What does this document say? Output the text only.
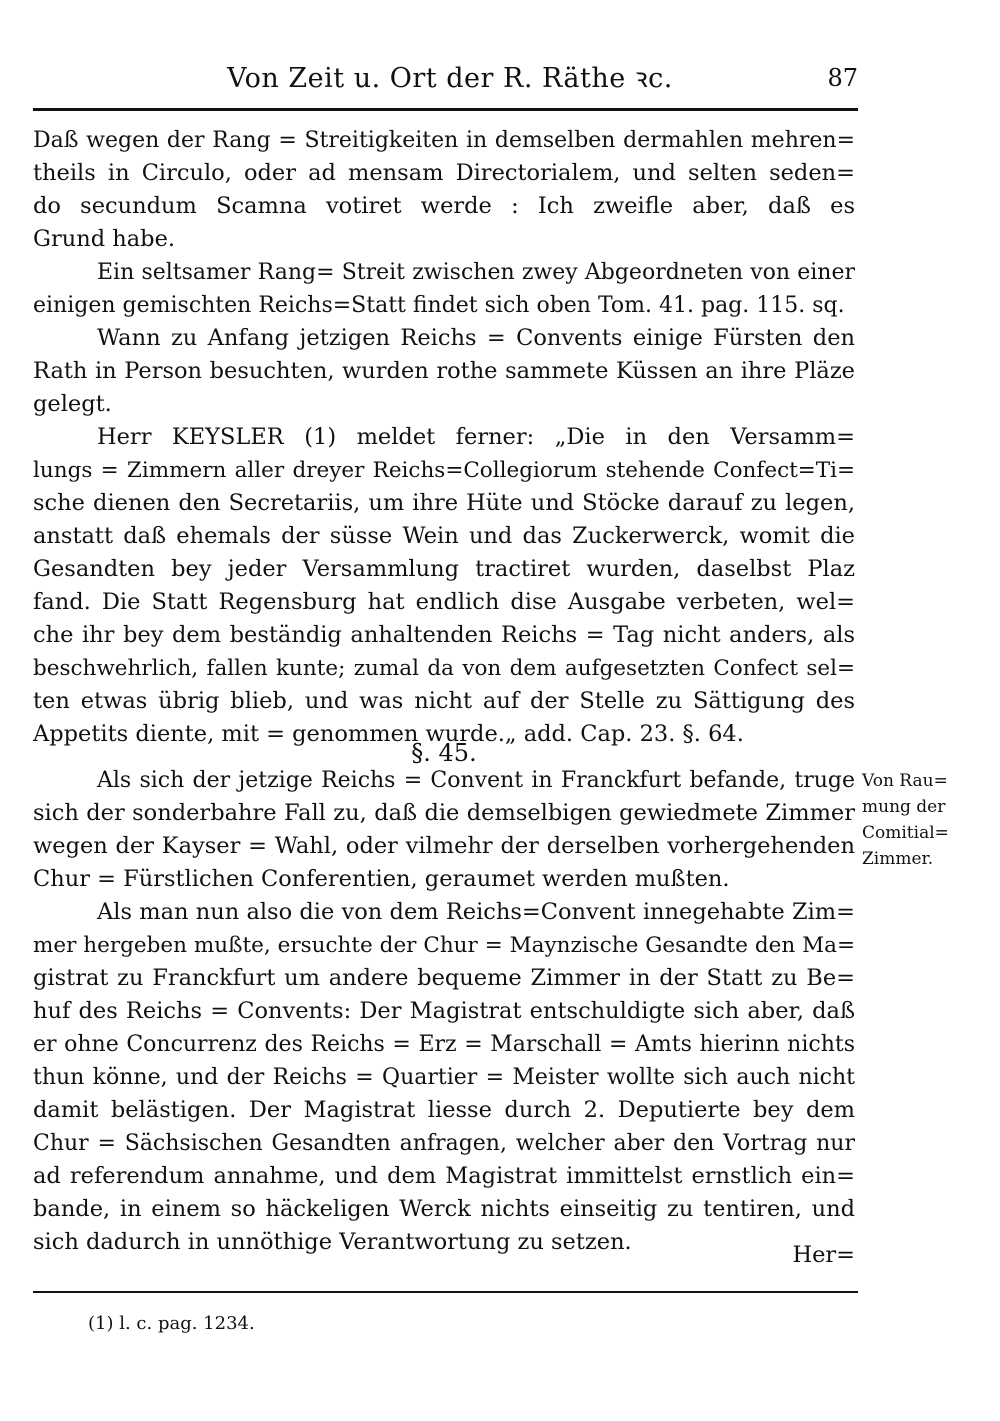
Von Zeit u. Ort der R. Räthe ꝛc.	87
Daß wegen der Rang = Streitigkeiten in demselben dermahlen mehren=
theils in Circulo, oder ad mensam Directorialem, und selten seden=
do secundum Scamna votiret werde : Ich zweifle aber, daß es
Grund habe.
Ein seltsamer Rang= Streit zwischen zwey Abgeordneten von einer
einigen gemischten Reichs=Statt findet sich oben Tom. 41. pag. 115. sq.
Wann zu Anfang jetzigen Reichs = Convents einige Fürsten den
Rath in Person besuchten, wurden rothe sammete Küssen an ihre Pläze
gelegt.
Herr KEYSLER (1) meldet ferner: „Die in den Versamm=
lungs = Zimmern aller dreyer Reichs=Collegiorum stehende Confect=Ti=
sche dienen den Secretariis, um ihre Hüte und Stöcke darauf zu legen,
anstatt daß ehemals der süsse Wein und das Zuckerwerck, womit die
Gesandten bey jeder Versammlung tractiret wurden, daselbst Plaz
fand. Die Statt Regensburg hat endlich dise Ausgabe verbeten, wel=
che ihr bey dem beständig anhaltenden Reichs = Tag nicht anders, als
beschwehrlich, fallen kunte; zumal da von dem aufgesetzten Confect sel=
ten etwas übrig blieb, und was nicht auf der Stelle zu Sättigung des
Appetits diente, mit = genommen wurde.„ add. Cap. 23. §. 64.
§. 45.
Als sich der jetzige Reichs = Convent in Franckfurt befande, truge
sich der sonderbahre Fall zu, daß die demselbigen gewiedmete Zimmer
wegen der Kayser = Wahl, oder vilmehr der derselben vorhergehenden
Chur = Fürstlichen Conferentien, geraumet werden mußten.
Als man nun also die von dem Reichs=Convent innegehabte Zim=
mer hergeben mußte, ersuchte der Chur = Maynzische Gesandte den Ma=
gistrat zu Franckfurt um andere bequeme Zimmer in der Statt zu Be=
huf des Reichs = Convents: Der Magistrat entschuldigte sich aber, daß
er ohne Concurrenz des Reichs = Erz = Marschall = Amts hierinn nichts
thun könne, und der Reichs = Quartier = Meister wollte sich auch nicht
damit belästigen. Der Magistrat liesse durch 2. Deputierte bey dem
Chur = Sächsischen Gesandten anfragen, welcher aber den Vortrag nur
ad referendum annahme, und dem Magistrat immittelst ernstlich ein=
bande, in einem so häckeligen Werck nichts einseitig zu tentiren, und
sich dadurch in unnöthige Verantwortung zu setzen.	Her=
Von Rau=
mung der
Comitial=
Zimmer.
(1) l. c. pag. 1234.
